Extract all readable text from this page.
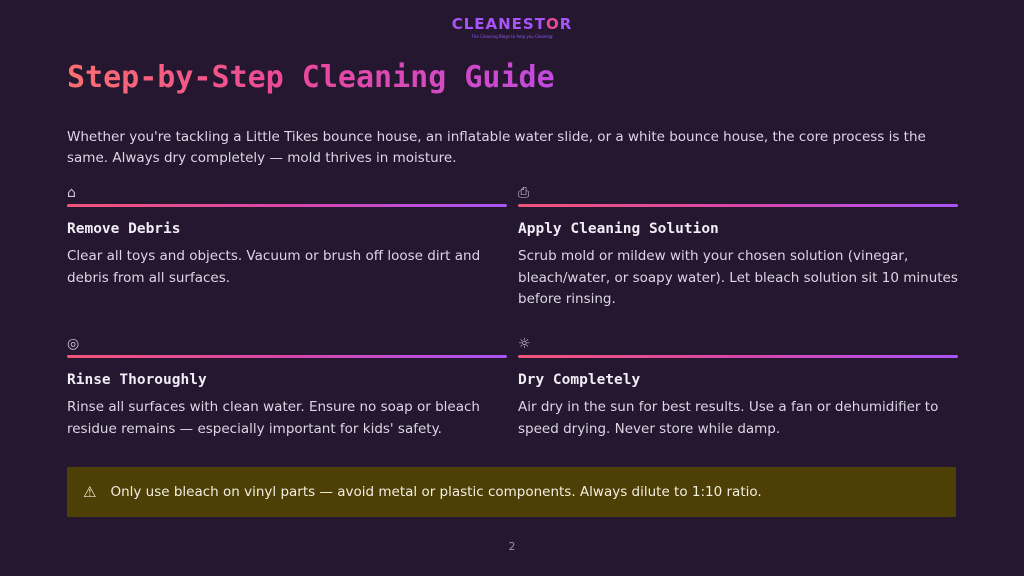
CLEANESTOR
The Cleaning Blogs to help you Cleaning
Step-by-Step Cleaning Guide

Whether you're tackling a Little Tikes bounce house, an inflatable water slide, or a white bounce house, the core process is the same. Always dry completely — mold thrives in moisture.

⌂
Remove Debris

Clear all toys and objects. Vacuum or brush off loose dirt and debris from all surfaces.

⎙
Apply Cleaning Solution

Scrub mold or mildew with your chosen solution (vinegar, bleach/water, or soapy water). Let bleach solution sit 10 minutes before rinsing.

◎
Rinse Thoroughly

Rinse all surfaces with clean water. Ensure no soap or bleach residue remains — especially important for kids' safety.

☼
Dry Completely

Air dry in the sun for best results. Use a fan or dehumidifier to speed drying. Never store while damp.

⚠ Only use bleach on vinyl parts — avoid metal or plastic components. Always dilute to 1:10 ratio.
2
